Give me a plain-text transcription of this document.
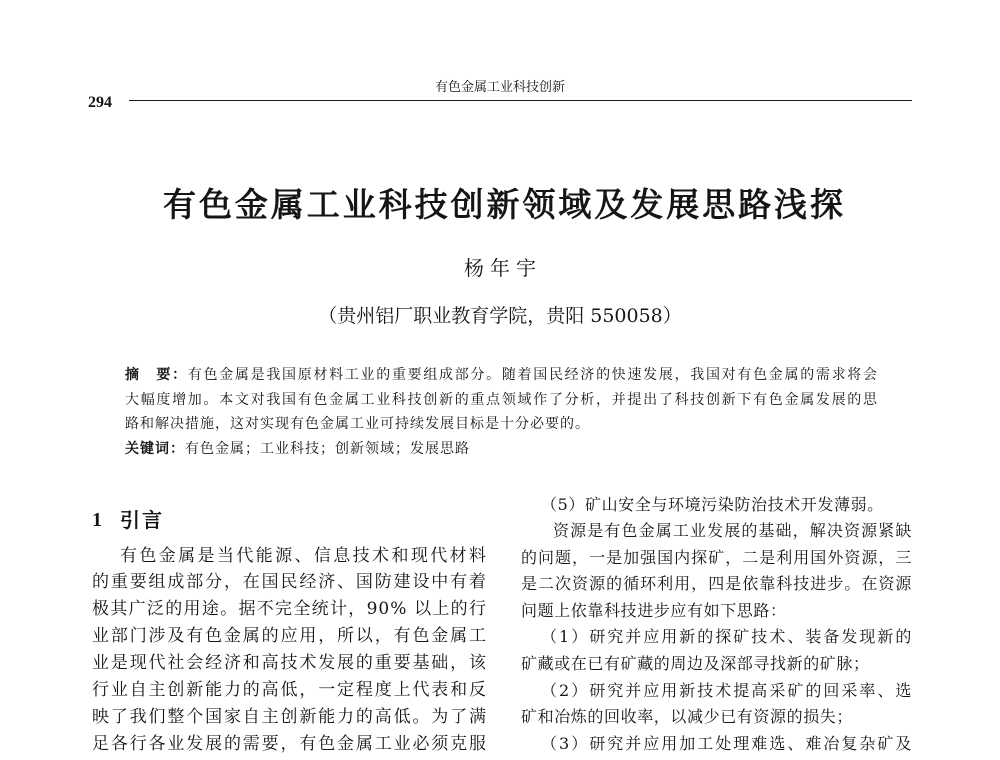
有色金属工业科技创新
294
有色金属工业科技创新领域及发展思路浅探
杨年宇
（贵州铝厂职业教育学院，贵阳 550058）
摘　要：有色金属是我国原材料工业的重要组成部分。随着国民经济的快速发展，我国对有色金属的需求将会
大幅度增加。本文对我国有色金属工业科技创新的重点领域作了分析，并提出了科技创新下有色金属发展的思
路和解决措施，这对实现有色金属工业可持续发展目标是十分必要的。
关键词：有色金属；工业科技；创新领域；发展思路
1 引言
有色金属是当代能源、信息技术和现代材料
的重要组成部分，在国民经济、国防建设中有着
极其广泛的用途。据不完全统计，90% 以上的行
业部门涉及有色金属的应用，所以，有色金属工
业是现代社会经济和高技术发展的重要基础，该
行业自主创新能力的高低，一定程度上代表和反
映了我们整个国家自主创新能力的高低。为了满
足各行各业发展的需要，有色金属工业必须克服
（5）矿山安全与环境污染防治技术开发薄弱。
资源是有色金属工业发展的基础，解决资源紧缺
的问题，一是加强国内探矿，二是利用国外资源，三
是二次资源的循环利用，四是依靠科技进步。在资源
问题上依靠科技进步应有如下思路：
（1）研究并应用新的探矿技术、装备发现新的
矿藏或在已有矿藏的周边及深部寻找新的矿脉；
（2）研究并应用新技术提高采矿的回采率、选
矿和冶炼的回收率，以减少已有资源的损失；
（3）研究并应用加工处理难选、难冶复杂矿及
